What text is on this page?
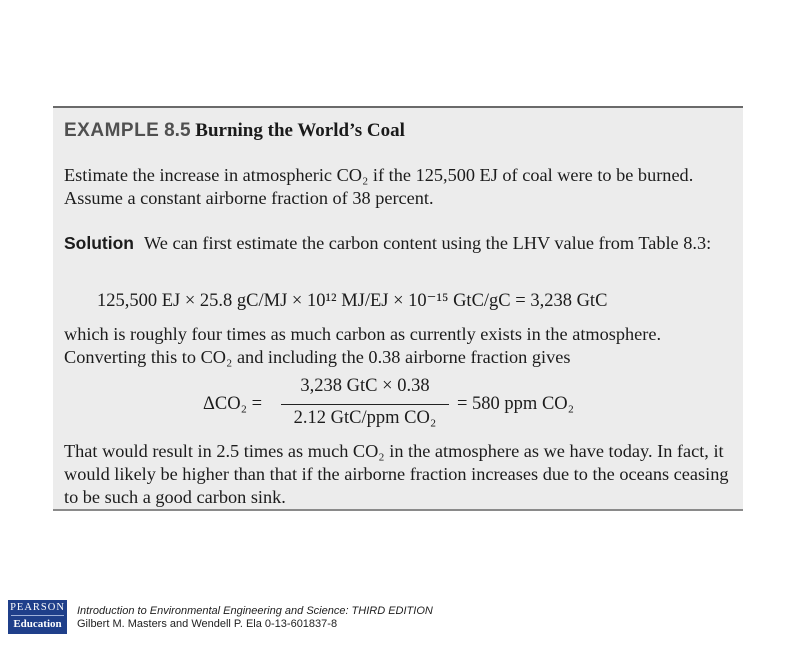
EXAMPLE 8.5 Burning the World’s Coal
Estimate the increase in atmospheric CO₂ if the 125,500 EJ of coal were to be burned. Assume a constant airborne fraction of 38 percent.
Solution We can first estimate the carbon content using the LHV value from Table 8.3:
125,500 EJ × 25.8 gC/MJ × 10¹² MJ/EJ × 10⁻¹⁵ GtC/gC = 3,238 GtC
which is roughly four times as much carbon as currently exists in the atmosphere. Converting this to CO₂ and including the 0.38 airborne fraction gives
ΔCO₂ =
3,238 GtC × 0.38
2.12 GtC/ppm CO₂
= 580 ppm CO₂
That would result in 2.5 times as much CO₂ in the atmosphere as we have today. In fact, it would likely be higher than that if the airborne fraction increases due to the oceans ceasing to be such a good carbon sink.
PEARSON
Education
Introduction to Environmental Engineering and Science: THIRD EDITION
Gilbert M. Masters and Wendell P. Ela 0-13-601837-8
